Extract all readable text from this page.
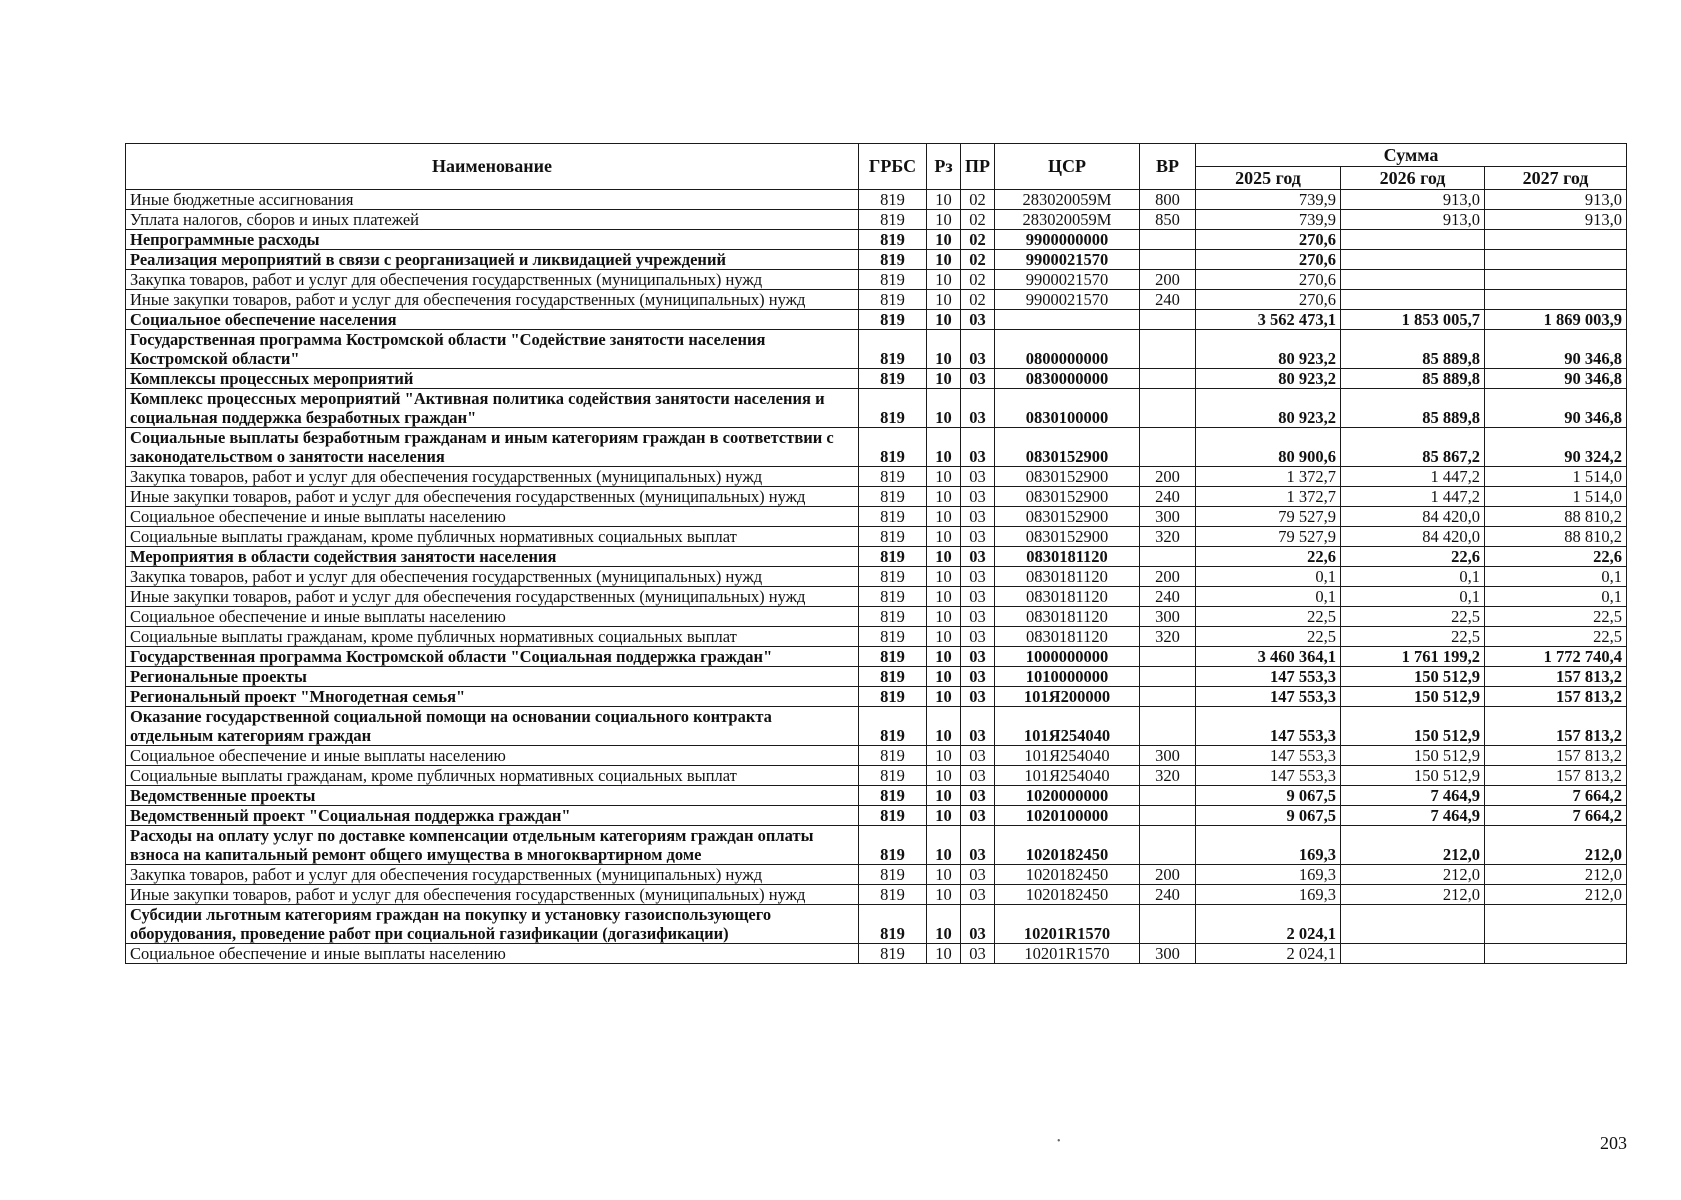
Наименование	ГРБС	Рз	ПР	ЦСР	ВР	Сумма		
						2025 год	2026 год	2027 год
Иные бюджетные ассигнования	819	10	02	283020059М	800	739,9	913,0	913,0
Уплата налогов, сборов и иных платежей	819	10	02	283020059М	850	739,9	913,0	913,0
Непрограммные расходы	819	10	02	9900000000		270,6		
Реализация мероприятий в связи с реорганизацией и ликвидацией учреждений	819	10	02	9900021570		270,6		
Закупка товаров, работ и услуг для обеспечения государственных (муниципальных) нужд	819	10	02	9900021570	200	270,6		
Иные закупки товаров, работ и услуг для обеспечения государственных (муниципальных) нужд	819	10	02	9900021570	240	270,6		
Социальное обеспечение населения	819	10	03			3 562 473,1	1 853 005,7	1 869 003,9
Государственная программа Костромской области "Содействие занятости населения Костромской области"	819	10	03	0800000000		80 923,2	85 889,8	90 346,8
Комплексы процессных мероприятий	819	10	03	0830000000		80 923,2	85 889,8	90 346,8
Комплекс процессных мероприятий "Активная политика содействия занятости населения и социальная поддержка безработных граждан"	819	10	03	0830100000		80 923,2	85 889,8	90 346,8
Социальные выплаты безработным гражданам и иным категориям граждан в соответствии с законодательством о занятости населения	819	10	03	0830152900		80 900,6	85 867,2	90 324,2
Закупка товаров, работ и услуг для обеспечения государственных (муниципальных) нужд	819	10	03	0830152900	200	1 372,7	1 447,2	1 514,0
Иные закупки товаров, работ и услуг для обеспечения государственных (муниципальных) нужд	819	10	03	0830152900	240	1 372,7	1 447,2	1 514,0
Социальное обеспечение и иные выплаты населению	819	10	03	0830152900	300	79 527,9	84 420,0	88 810,2
Социальные выплаты гражданам, кроме публичных нормативных социальных выплат	819	10	03	0830152900	320	79 527,9	84 420,0	88 810,2
Мероприятия в области содействия занятости населения	819	10	03	0830181120		22,6	22,6	22,6
Закупка товаров, работ и услуг для обеспечения государственных (муниципальных) нужд	819	10	03	0830181120	200	0,1	0,1	0,1
Иные закупки товаров, работ и услуг для обеспечения государственных (муниципальных) нужд	819	10	03	0830181120	240	0,1	0,1	0,1
Социальное обеспечение и иные выплаты населению	819	10	03	0830181120	300	22,5	22,5	22,5
Социальные выплаты гражданам, кроме публичных нормативных социальных выплат	819	10	03	0830181120	320	22,5	22,5	22,5
Государственная программа Костромской области "Социальная поддержка граждан"	819	10	03	1000000000		3 460 364,1	1 761 199,2	1 772 740,4
Региональные проекты	819	10	03	1010000000		147 553,3	150 512,9	157 813,2
Региональный проект "Многодетная семья"	819	10	03	101Я200000		147 553,3	150 512,9	157 813,2
Оказание государственной социальной помощи на основании социального контракта отдельным категориям граждан	819	10	03	101Я254040		147 553,3	150 512,9	157 813,2
Социальное обеспечение и иные выплаты населению	819	10	03	101Я254040	300	147 553,3	150 512,9	157 813,2
Социальные выплаты гражданам, кроме публичных нормативных социальных выплат	819	10	03	101Я254040	320	147 553,3	150 512,9	157 813,2
Ведомственные проекты	819	10	03	1020000000		9 067,5	7 464,9	7 664,2
Ведомственный проект "Социальная поддержка граждан"	819	10	03	1020100000		9 067,5	7 464,9	7 664,2
Расходы на оплату услуг по доставке компенсации отдельным категориям граждан оплаты взноса на капитальный ремонт общего имущества в многоквартирном доме	819	10	03	1020182450		169,3	212,0	212,0
Закупка товаров, работ и услуг для обеспечения государственных (муниципальных) нужд	819	10	03	1020182450	200	169,3	212,0	212,0
Иные закупки товаров, работ и услуг для обеспечения государственных (муниципальных) нужд	819	10	03	1020182450	240	169,3	212,0	212,0
Субсидии льготным категориям граждан на покупку и установку газоиспользующего оборудования, проведение работ при социальной газификации (догазификации)	819	10	03	10201R1570		2 024,1		
Социальное обеспечение и иные выплаты населению	819	10	03	10201R1570	300	2 024,1		
•	203
